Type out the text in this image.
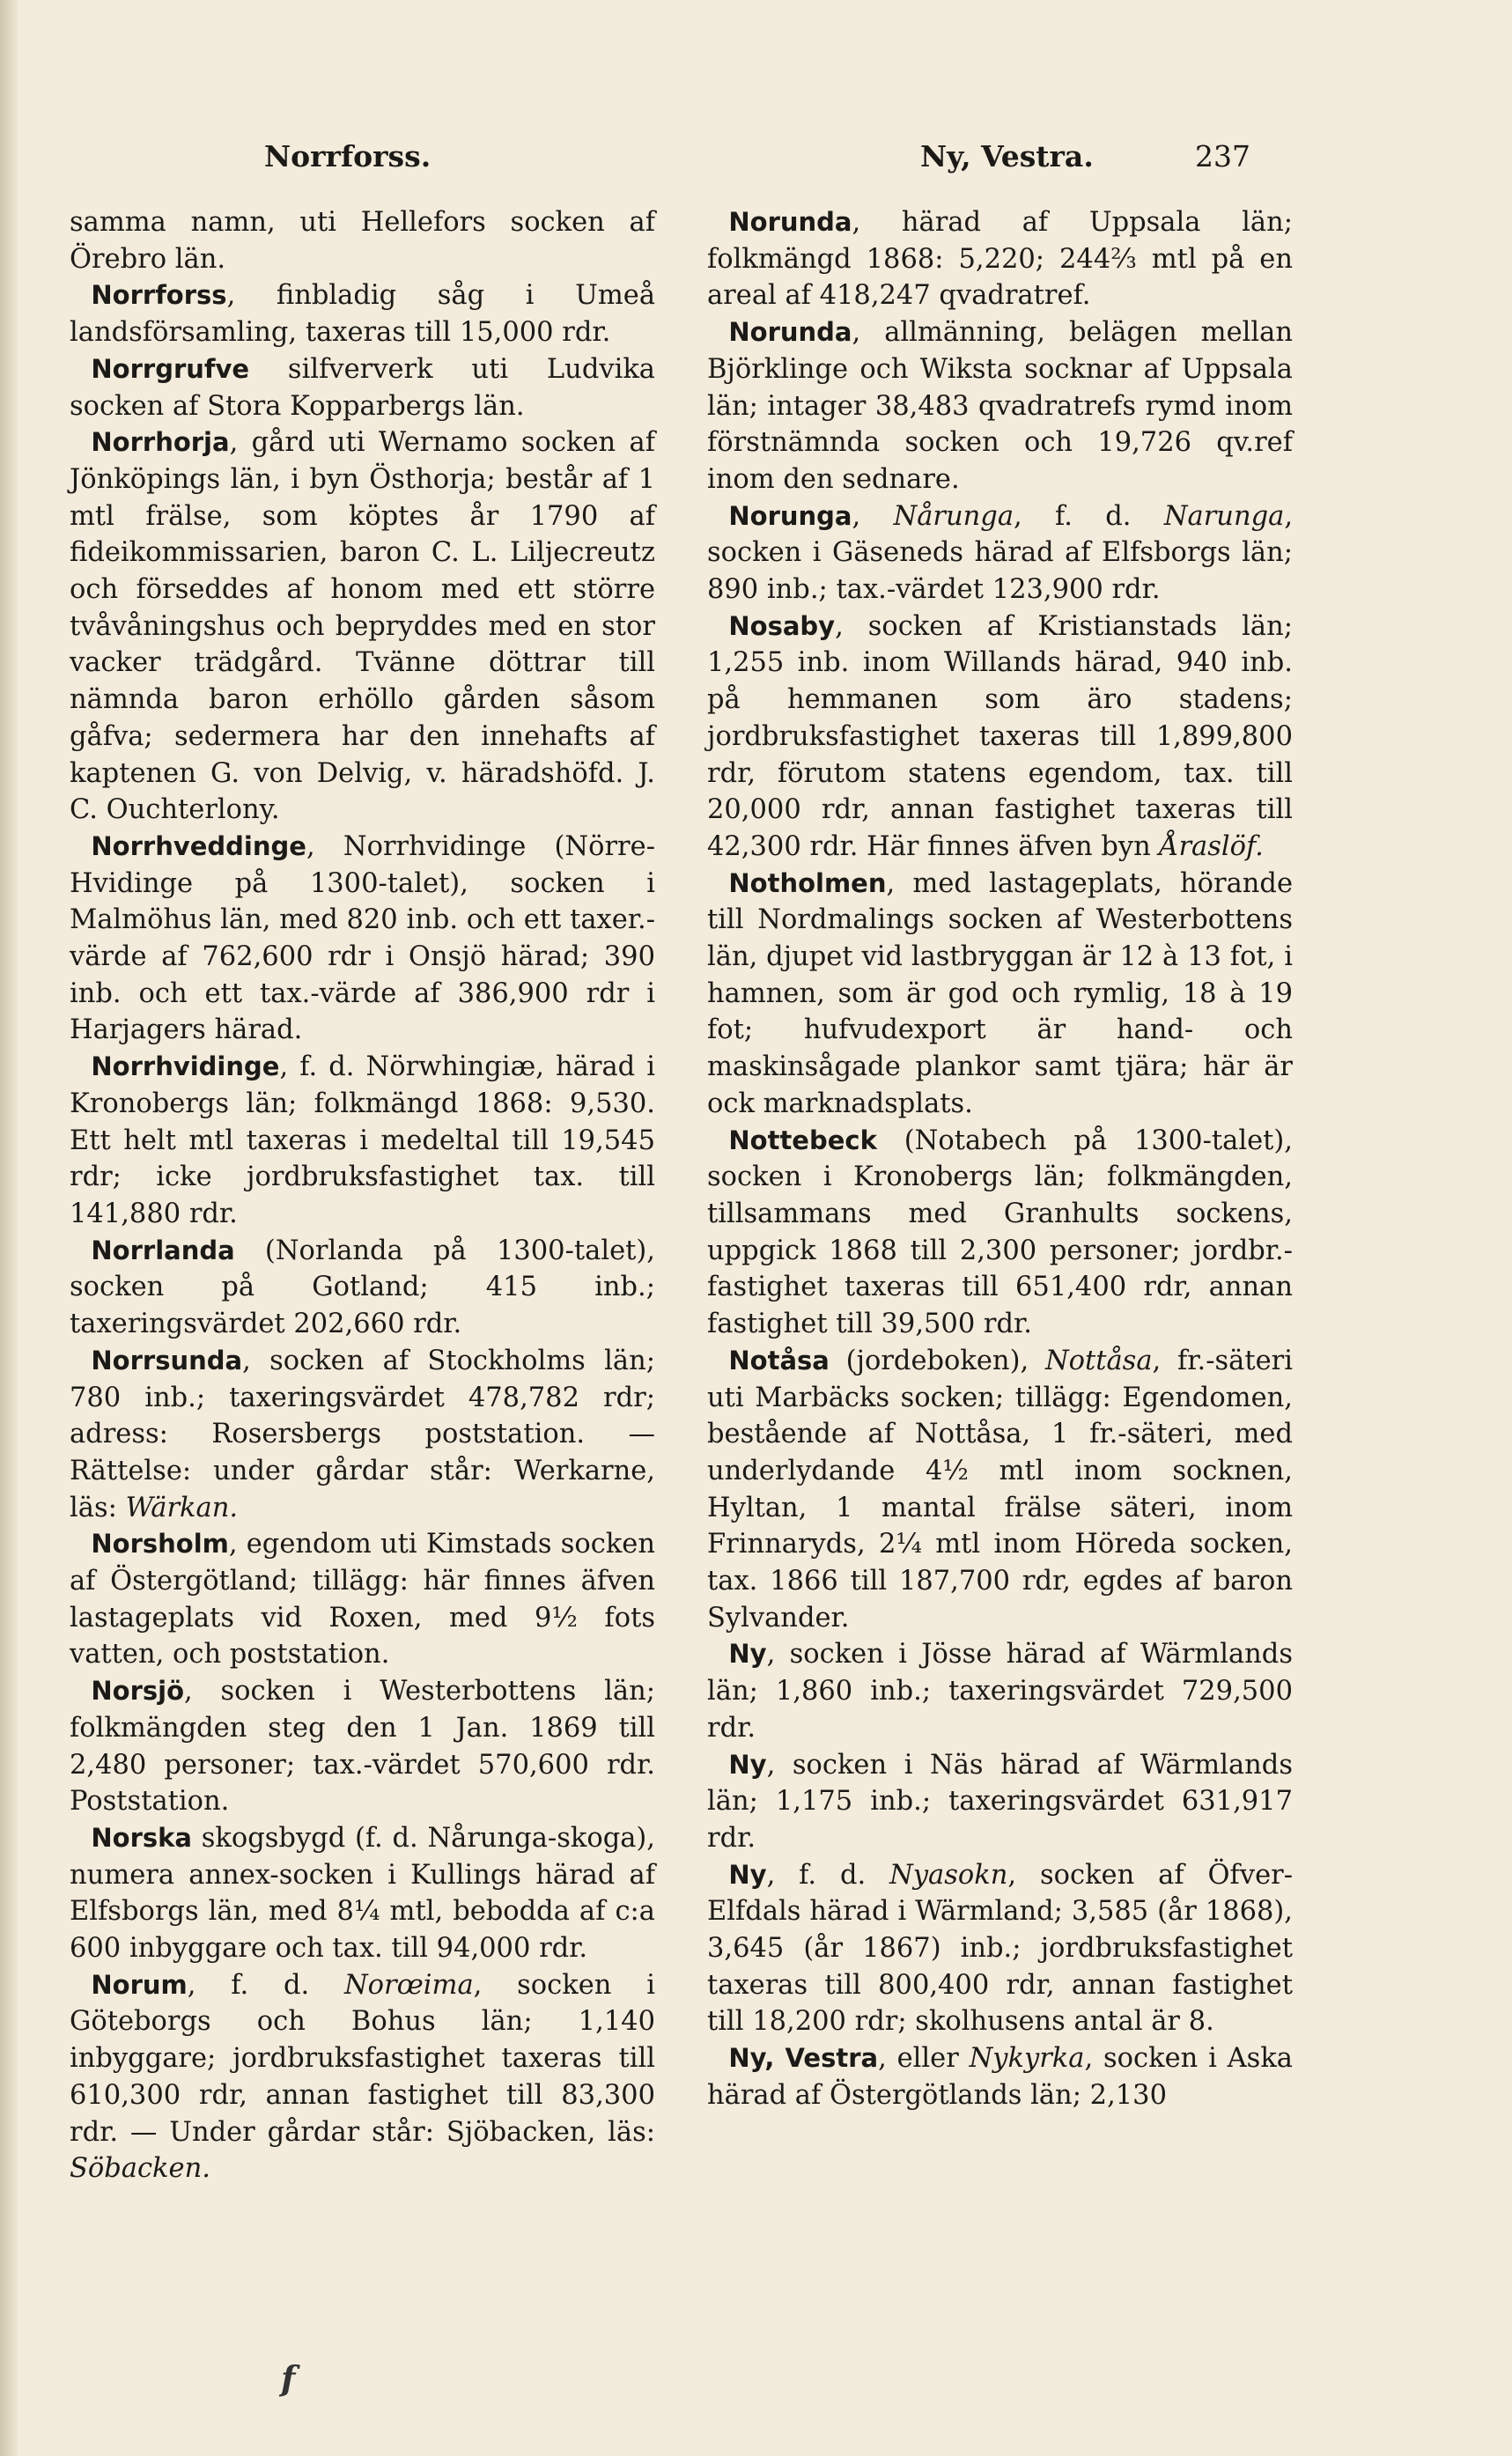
Norrforss.	Ny, Vestra.	237

samma namn, uti Hellefors socken af Örebro län.

Norrforss, finbladig såg i Umeå landsförsamling, taxeras till 15,000 rdr.

Norrgrufve silfververk uti Ludvika socken af Stora Kopparbergs län.

Norrhorja, gård uti Wernamo socken af Jönköpings län, i byn Östhorja; består af 1 mtl frälse, som köptes år 1790 af fideikommissarien, baron C. L. Liljecreutz och förseddes af honom med ett större tvåvåningshus och bepryddes med en stor vacker trädgård. Tvänne döttrar till nämnda baron erhöllo gården såsom gåfva; sedermera har den innehafts af kaptenen G. von Delvig, v. häradshöfd. J. C. Ouchterlony.

Norrhveddinge, Norrhvidinge (Nörre-Hvidinge på 1300-talet), socken i Malmöhus län, med 820 inb. och ett taxer.-värde af 762,600 rdr i Onsjö härad; 390 inb. och ett tax.-värde af 386,900 rdr i Harjagers härad.

Norrhvidinge, f. d. Nörwhingiæ, härad i Kronobergs län; folkmängd 1868: 9,530. Ett helt mtl taxeras i medeltal till 19,545 rdr; icke jordbruksfastighet tax. till 141,880 rdr.

Norrlanda (Norlanda på 1300-talet), socken på Gotland; 415 inb.; taxeringsvärdet 202,660 rdr.

Norrsunda, socken af Stockholms län; 780 inb.; taxeringsvärdet 478,782 rdr; adress: Rosersbergs poststation. — Rättelse: under gårdar står: Werkarne, läs: Wärkan.

Norsholm, egendom uti Kimstads socken af Östergötland; tillägg: här finnes äfven lastageplats vid Roxen, med 9½ fots vatten, och poststation.

Norsjö, socken i Westerbottens län; folkmängden steg den 1 Jan. 1869 till 2,480 personer; tax.-värdet 570,600 rdr. Poststation.

Norska skogsbygd (f. d. Nårunga-skoga), numera annex-socken i Kullings härad af Elfsborgs län, med 8¼ mtl, bebodda af c:a 600 inbyggare och tax. till 94,000 rdr.

Norum, f. d. Norœima, socken i Göteborgs och Bohus län; 1,140 inbyggare; jordbruksfastighet taxeras till 610,300 rdr, annan fastighet till 83,300 rdr. — Under gårdar står: Sjöbacken, läs: Söbacken.

Norunda, härad af Uppsala län; folkmängd 1868: 5,220; 244⅔ mtl på en areal af 418,247 qvadratref.

Norunda, allmänning, belägen mellan Björklinge och Wiksta socknar af Uppsala län; intager 38,483 qvadratrefs rymd inom förstnämnda socken och 19,726 qv.ref inom den sednare.

Norunga, Nårunga, f. d. Narunga, socken i Gäseneds härad af Elfsborgs län; 890 inb.; tax.-värdet 123,900 rdr.

Nosaby, socken af Kristianstads län; 1,255 inb. inom Willands härad, 940 inb. på hemmanen som äro stadens; jordbruksfastighet taxeras till 1,899,800 rdr, förutom statens egendom, tax. till 20,000 rdr, annan fastighet taxeras till 42,300 rdr. Här finnes äfven byn Åraslöf.

Notholmen, med lastageplats, hörande till Nordmalings socken af Westerbottens län, djupet vid lastbryggan är 12 à 13 fot, i hamnen, som är god och rymlig, 18 à 19 fot; hufvudexport är hand- och maskinsågade plankor samt tjära; här är ock marknadsplats.

Nottebeck (Notabech på 1300-talet), socken i Kronobergs län; folkmängden, tillsammans med Granhults sockens, uppgick 1868 till 2,300 personer; jordbr.-fastighet taxeras till 651,400 rdr, annan fastighet till 39,500 rdr.

Notåsa (jordeboken), Nottåsa, fr.-säteri uti Marbäcks socken; tillägg: Egendomen, bestående af Nottåsa, 1 fr.-säteri, med underlydande 4½ mtl inom socknen, Hyltan, 1 mantal frälse säteri, inom Frinnaryds, 2¼ mtl inom Höreda socken, tax. 1866 till 187,700 rdr, egdes af baron Sylvander.

Ny, socken i Jösse härad af Wärmlands län; 1,860 inb.; taxeringsvärdet 729,500 rdr.

Ny, socken i Näs härad af Wärmlands län; 1,175 inb.; taxeringsvärdet 631,917 rdr.

Ny, f. d. Nyasokn, socken af Öfver-Elfdals härad i Wärmland; 3,585 (år 1868), 3,645 (år 1867) inb.; jordbruksfastighet taxeras till 800,400 rdr, annan fastighet till 18,200 rdr; skolhusens antal är 8.

Ny, Vestra, eller Nykyrka, socken i Aska härad af Östergötlands län; 2,130

f
